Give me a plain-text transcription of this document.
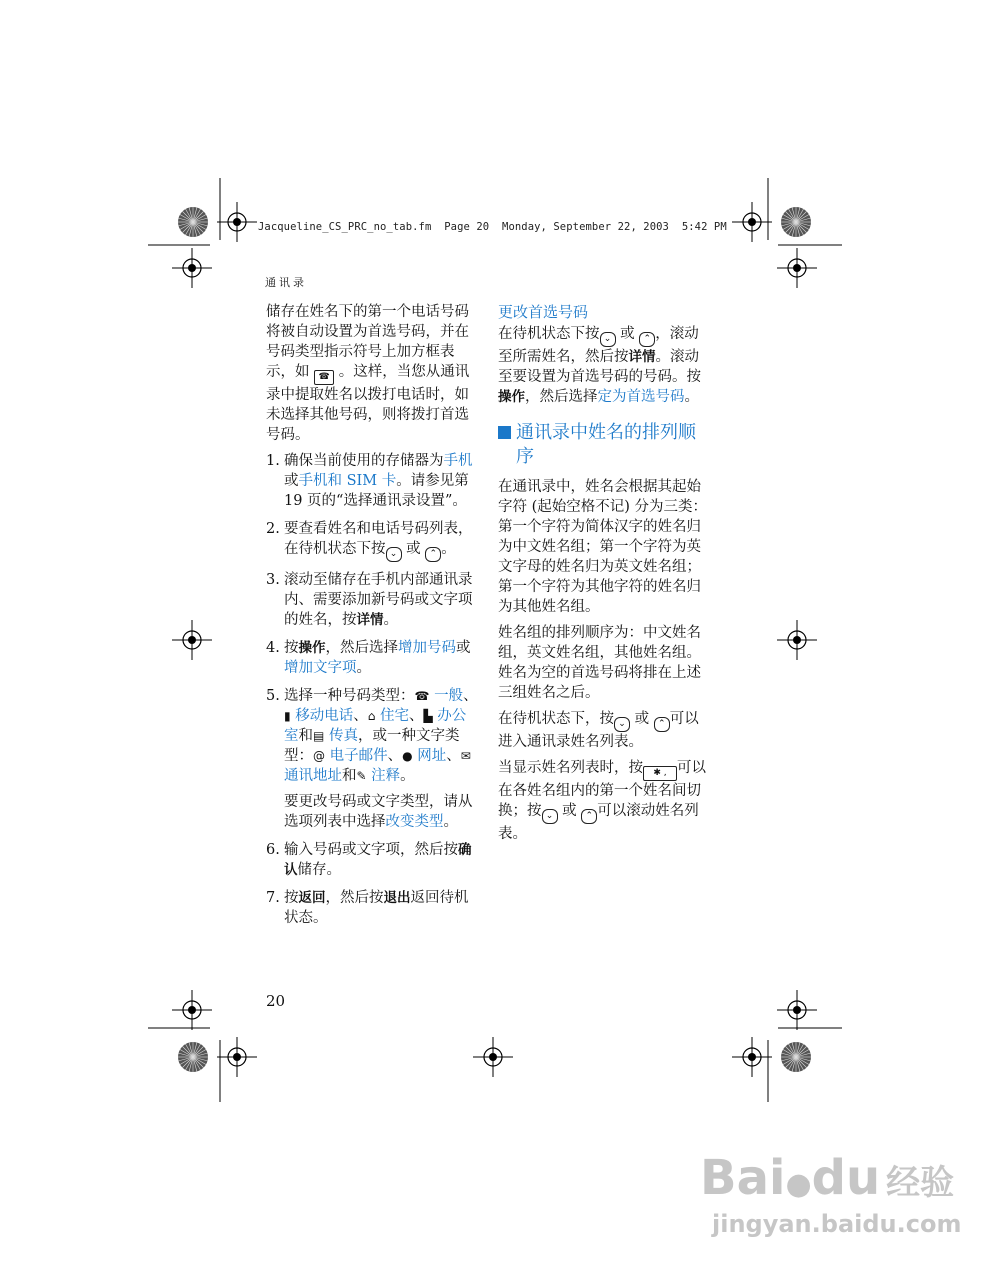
Jacqueline_CS_PRC_no_tab.fm  Page 20  Monday, September 22, 2003  5:42 PM
通讯录

储存在姓名下的第一个电话号码将被自动设置为首选号码，并在号码类型指示符号上加方框表示，如 ☎ 。这样，当您从通讯录中提取姓名以拨打电话时，如未选择其他号码，则将拨打首选号码。

1. 确保当前使用的存储器为手机或手机和 SIM 卡。请参见第 19 页的“选择通讯录设置”。
2. 要查看姓名和电话号码列表，在待机状态下按 ⌄ 或 ⌃ 。
3. 滚动至储存在手机内部通讯录内、需要添加新号码或文字项的姓名，按详情。
4. 按操作，然后选择增加号码或增加文字项。
5. 选择一种号码类型：☎ 一般、▮ 移动电话、⌂ 住宅、▙ 办公室和▤ 传真，或一种文字类型：@ 电子邮件、● 网址、✉ 通讯地址和✎ 注释。
要更改号码或文字类型，请从选项列表中选择改变类型。
6. 输入号码或文字项，然后按确认储存。
7. 按返回，然后按退出返回待机状态。
更改首选号码

在待机状态下按 ⌄ 或 ⌃ ，滚动至所需姓名，然后按详情。滚动至要设置为首选号码的号码。按操作，然后选择定为首选号码。

通讯录中姓名的排列顺序

在通讯录中，姓名会根据其起始字符 (起始空格不记) 分为三类：第一个字符为简体汉字的姓名归为中文姓名组；第一个字符为英文字母的姓名归为英文姓名组；第一个字符为其他字符的姓名归为其他姓名组。

姓名组的排列顺序为：中文姓名组，英文姓名组，其他姓名组。姓名为空的首选号码将排在上述三组姓名之后。

在待机状态下，按 ⌄ 或 ⌃ 可以进入通讯录姓名列表。

当显示姓名列表时，按 ✱ , 可以在各姓名组内的第一个姓名间切换；按 ⌄ 或 ⌃ 可以滚动姓名列表。

20
Bai●du 经验
jingyan.baidu.com
